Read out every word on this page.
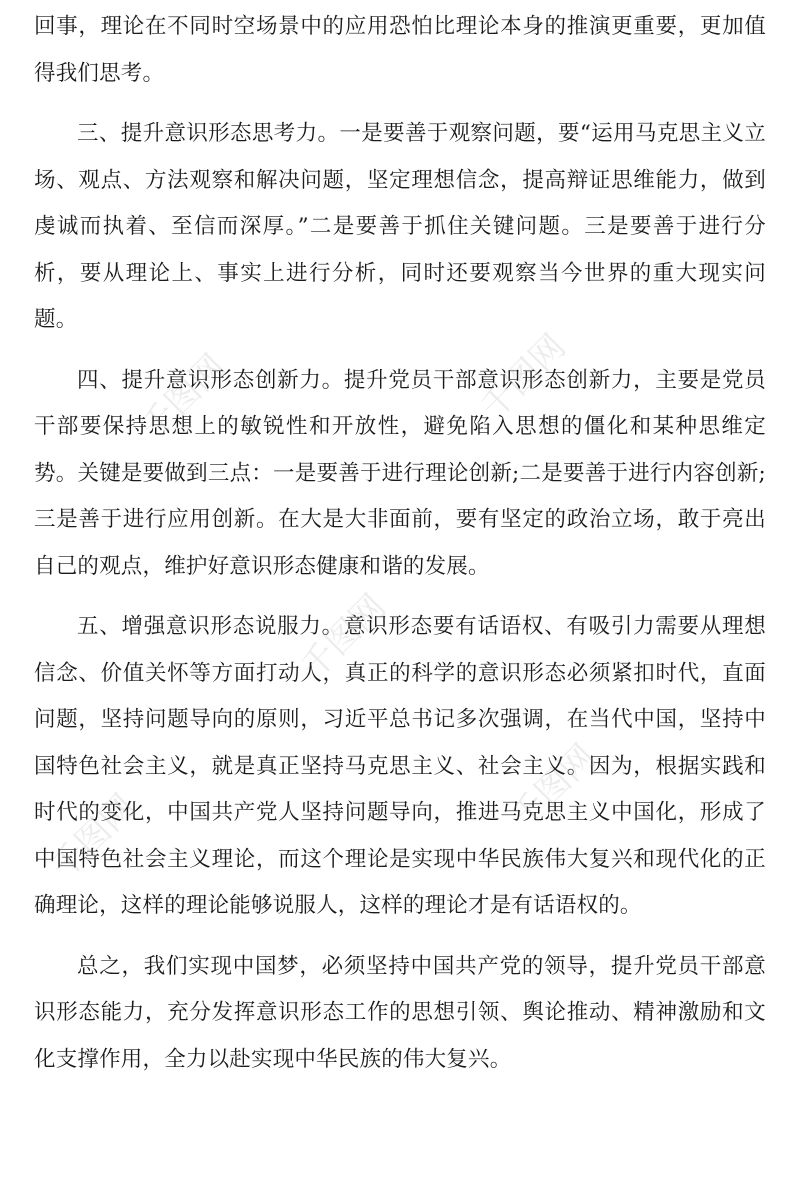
回事，理论在不同时空场景中的应用恐怕比理论本身的推演更重要，更加值得我们思考。

三、提升意识形态思考力。一是要善于观察问题，要“运用马克思主义立场、观点、方法观察和解决问题，坚定理想信念，提高辩证思维能力，做到虔诚而执着、至信而深厚。”二是要善于抓住关键问题。三是要善于进行分析，要从理论上、事实上进行分析，同时还要观察当今世界的重大现实问题。

四、提升意识形态创新力。提升党员干部意识形态创新力，主要是党员干部要保持思想上的敏锐性和开放性，避免陷入思想的僵化和某种思维定势。关键是要做到三点：一是要善于进行理论创新;二是要善于进行内容创新;三是善于进行应用创新。在大是大非面前，要有坚定的政治立场，敢于亮出自己的观点，维护好意识形态健康和谐的发展。

五、增强意识形态说服力。意识形态要有话语权、有吸引力需要从理想信念、价值关怀等方面打动人，真正的科学的意识形态必须紧扣时代，直面问题，坚持问题导向的原则，习近平总书记多次强调，在当代中国，坚持中国特色社会主义，就是真正坚持马克思主义、社会主义。因为，根据实践和时代的变化，中国共产党人坚持问题导向，推进马克思主义中国化，形成了中国特色社会主义理论，而这个理论是实现中华民族伟大复兴和现代化的正确理论，这样的理论能够说服人，这样的理论才是有话语权的。

总之，我们实现中国梦，必须坚持中国共产党的领导，提升党员干部意识形态能力，充分发挥意识形态工作的思想引领、舆论推动、精神激励和文化支撑作用，全力以赴实现中华民族的伟大复兴。

千图网	千图网
千图网
千图网	千图网
